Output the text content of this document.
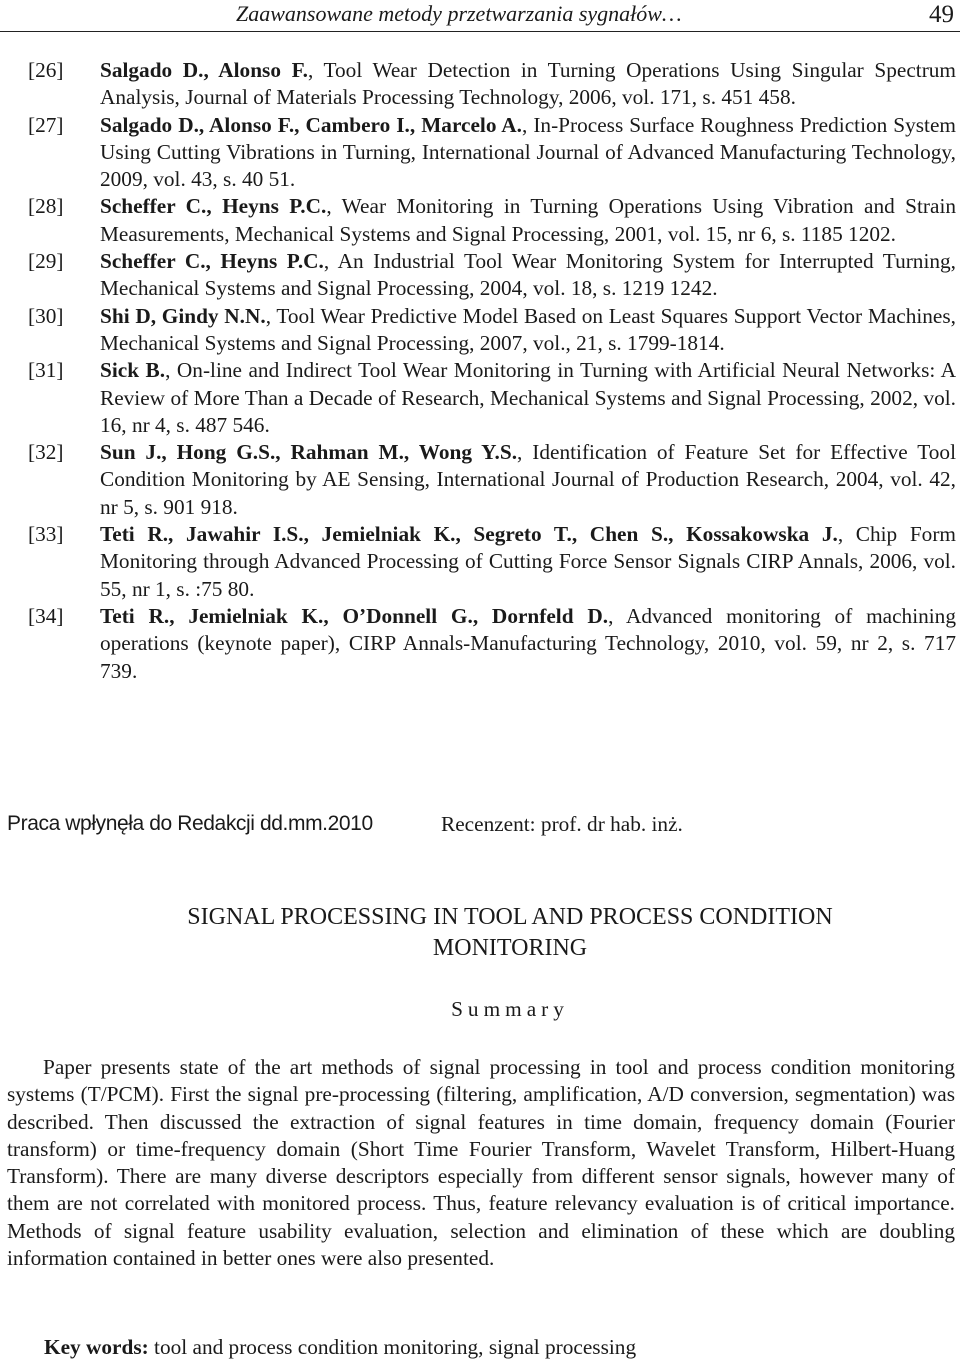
Zaawansowane metody przetwarzania sygnałów…	49
[26]	Salgado D., Alonso F., Tool Wear Detection in Turning Operations Using Singular Spectrum Analysis, Journal of Materials Processing Technology, 2006, vol. 171, s. 451 458.
[27]	Salgado D., Alonso F., Cambero I., Marcelo A., In-Process Surface Roughness Prediction System Using Cutting Vibrations in Turning, International Journal of Advanced Manufacturing Technology, 2009, vol. 43, s. 40 51.
[28]	Scheffer C., Heyns P.C., Wear Monitoring in Turning Operations Using Vibration and Strain Measurements, Mechanical Systems and Signal Processing, 2001, vol. 15, nr 6, s. 1185 1202.
[29]	Scheffer C., Heyns P.C., An Industrial Tool Wear Monitoring System for Interrupted Turning, Mechanical Systems and Signal Processing, 2004, vol. 18, s. 1219 1242.
[30]	Shi D, Gindy N.N., Tool Wear Predictive Model Based on Least Squares Support Vector Machines, Mechanical Systems and Signal Processing, 2007, vol., 21, s. 1799-1814.
[31]	Sick B., On-line and Indirect Tool Wear Monitoring in Turning with Artificial Neural Networks: A Review of More Than a Decade of Research, Mechanical Systems and Signal Processing, 2002, vol. 16, nr 4, s. 487 546.
[32]	Sun J., Hong G.S., Rahman M., Wong Y.S., Identification of Feature Set for Effective Tool Condition Monitoring by AE Sensing, International Journal of Production Research, 2004, vol. 42, nr 5, s. 901 918.
[33]	Teti R., Jawahir I.S., Jemielniak K., Segreto T., Chen S., Kossakowska J., Chip Form Monitoring through Advanced Processing of Cutting Force Sensor Signals CIRP Annals, 2006, vol. 55, nr 1, s. :75 80.
[34]	Teti R., Jemielniak K., O’Donnell G., Dornfeld D., Advanced monitoring of machining operations (keynote paper), CIRP Annals-Manufacturing Technology, 2010, vol. 59, nr 2, s. 717 739.
Praca wpłynęła do Redakcji dd.mm.2010	Recenzent: prof. dr hab. inż.
SIGNAL PROCESSING IN TOOL AND PROCESS CONDITION
MONITORING
Summary
Paper presents state of the art methods of signal processing in tool and process condition monitoring systems (T/PCM). First the signal pre-processing (filtering, amplification, A/D conversion, segmentation) was described. Then discussed the extraction of signal features in time domain, frequency domain (Fourier transform) or time-frequency domain (Short Time Fourier Transform, Wavelet Transform, Hilbert-Huang Transform). There are many diverse descriptors especially from different sensor signals, however many of them are not correlated with monitored process. Thus, feature relevancy evaluation is of critical importance. Methods of signal feature usability evaluation, selection and elimination of these which are doubling information contained in better ones were also presented.
Key words: tool and process condition monitoring, signal processing
